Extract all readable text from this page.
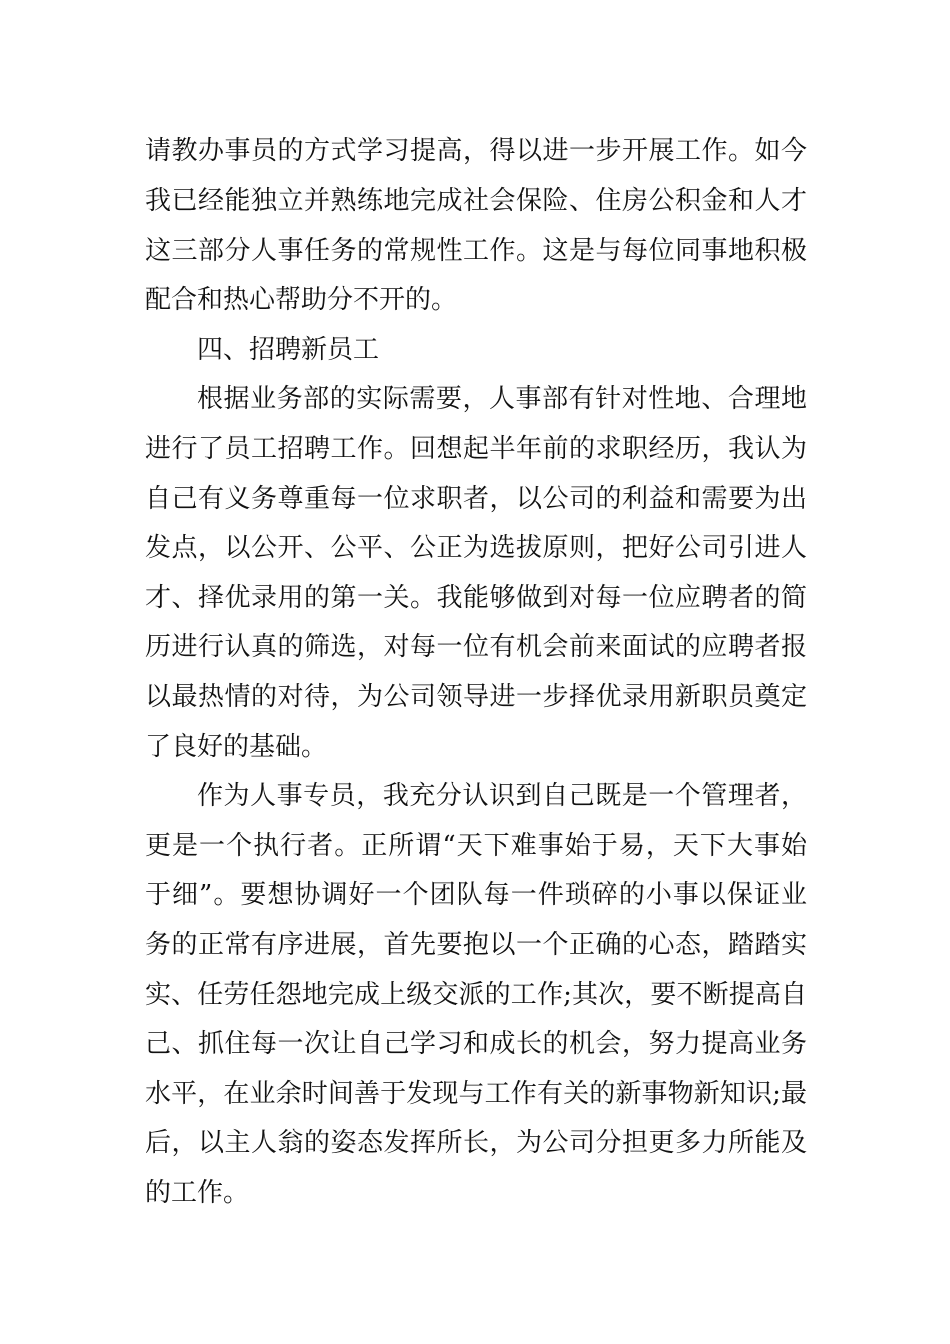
请教办事员的方式学习提高，得以进一步开展工作。如今
我已经能独立并熟练地完成社会保险、住房公积金和人才
这三部分人事任务的常规性工作。这是与每位同事地积极
配合和热心帮助分不开的。
四、招聘新员工
根据业务部的实际需要，人事部有针对性地、合理地
进行了员工招聘工作。回想起半年前的求职经历，我认为
自己有义务尊重每一位求职者，以公司的利益和需要为出
发点，以公开、公平、公正为选拔原则，把好公司引进人
才、择优录用的第一关。我能够做到对每一位应聘者的简
历进行认真的筛选，对每一位有机会前来面试的应聘者报
以最热情的对待，为公司领导进一步择优录用新职员奠定
了良好的基础。
作为人事专员，我充分认识到自己既是一个管理者，
更是一个执行者。正所谓“天下难事始于易，天下大事始
于细”。要想协调好一个团队每一件琐碎的小事以保证业
务的正常有序进展，首先要抱以一个正确的心态，踏踏实
实、任劳任怨地完成上级交派的工作;其次，要不断提高自
己、抓住每一次让自己学习和成长的机会，努力提高业务
水平，在业余时间善于发现与工作有关的新事物新知识;最
后，以主人翁的姿态发挥所长，为公司分担更多力所能及
的工作。
